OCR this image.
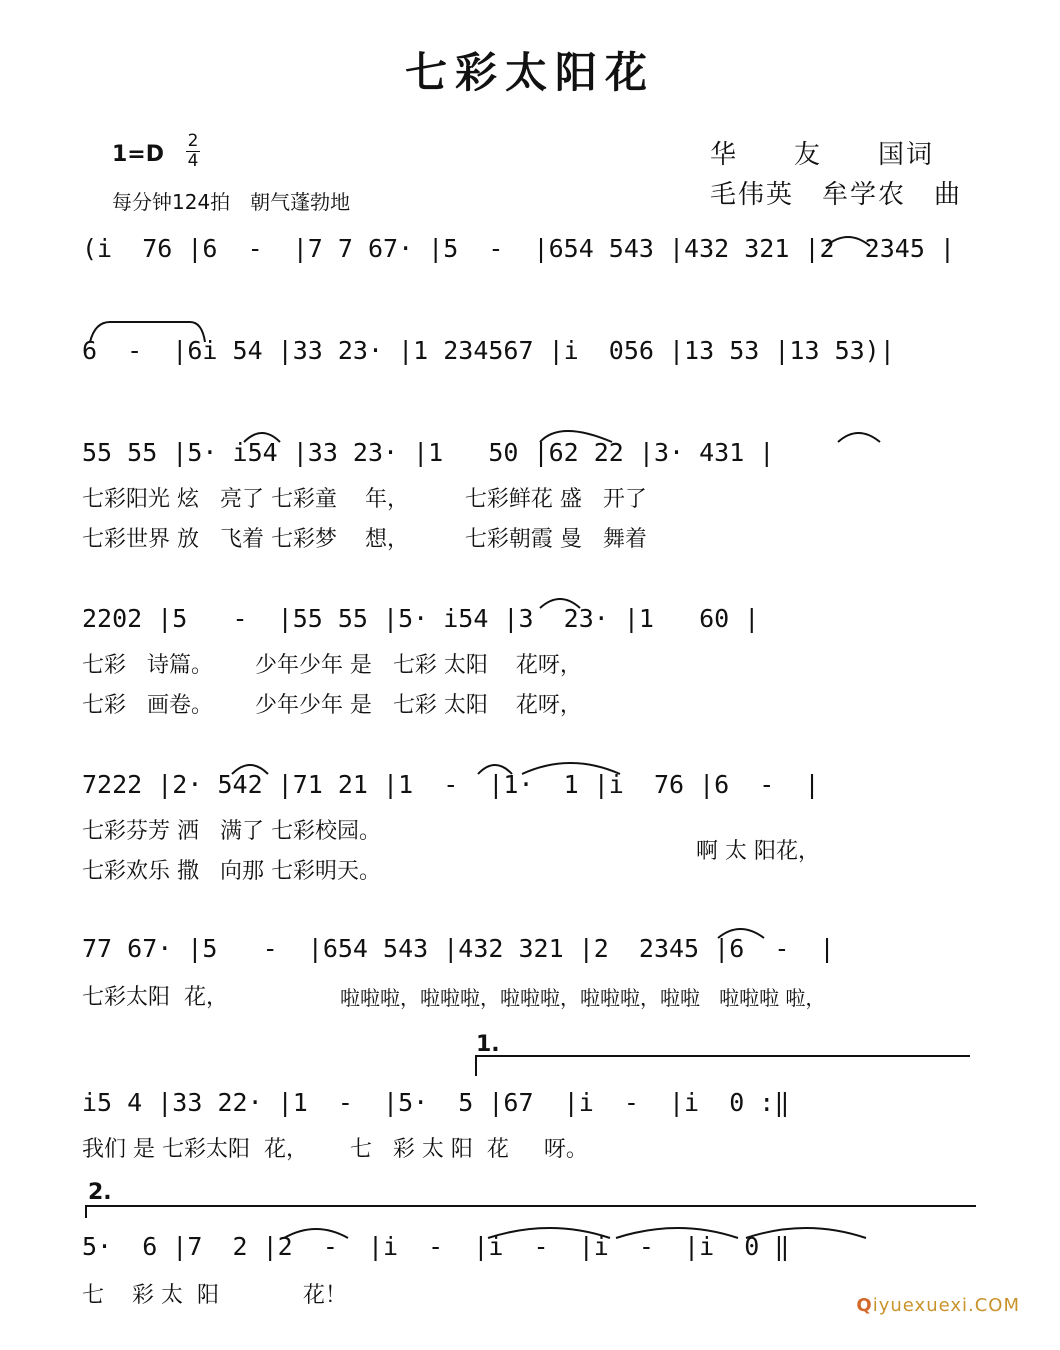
七彩太阳花
1=D
2
4
每分钟124拍　朝气蓬勃地
华　　友　　国词
毛伟英　牟学农　曲
(i  76 |6  -  |7 7 67· |5  -  |654 543 |432 321 |2  2345 |
6  -  |6i 54 |33 23· |1 234567 |i  056 |13 53 |13 53)|
55 55 |5· i54 |33 23· |1   50 |62 22 |3· 431 |
七彩阳光 炫   亮了 七彩童    年，        七彩鲜花 盛   开了
七彩世界 放   飞着 七彩梦    想，        七彩朝霞 曼   舞着
2202 |5   -  |55 55 |5· i54 |3  23· |1   60 |
七彩   诗篇。      少年少年 是   七彩 太阳    花呀，
七彩   画卷。      少年少年 是   七彩 太阳    花呀，
7222 |2· 542 |71 21 |1  -  |1·  1 |i  76 |6  -  |
七彩芬芳 洒   满了 七彩校园。
七彩欢乐 撒   向那 七彩明天。
啊 太 阳花，
77 67· |5   -  |654 543 |432 321 |2  2345 |6  -  |
七彩太阳  花，	啦啦啦，啦啦啦，啦啦啦，啦啦啦，啦啦   啦啦啦 啦，
1.
i5 4 |33 22· |1  -  |5·  5 |67  |i  -  |i  0 :‖
我们 是 七彩太阳  花，      七   彩 太 阳  花     呀。
2.
5·  6 |7  2 |2  -  |i  -  |i  -  |i  -  |i  0 ‖
七    彩 太  阳            花！	Qiyuexuexi.COM
